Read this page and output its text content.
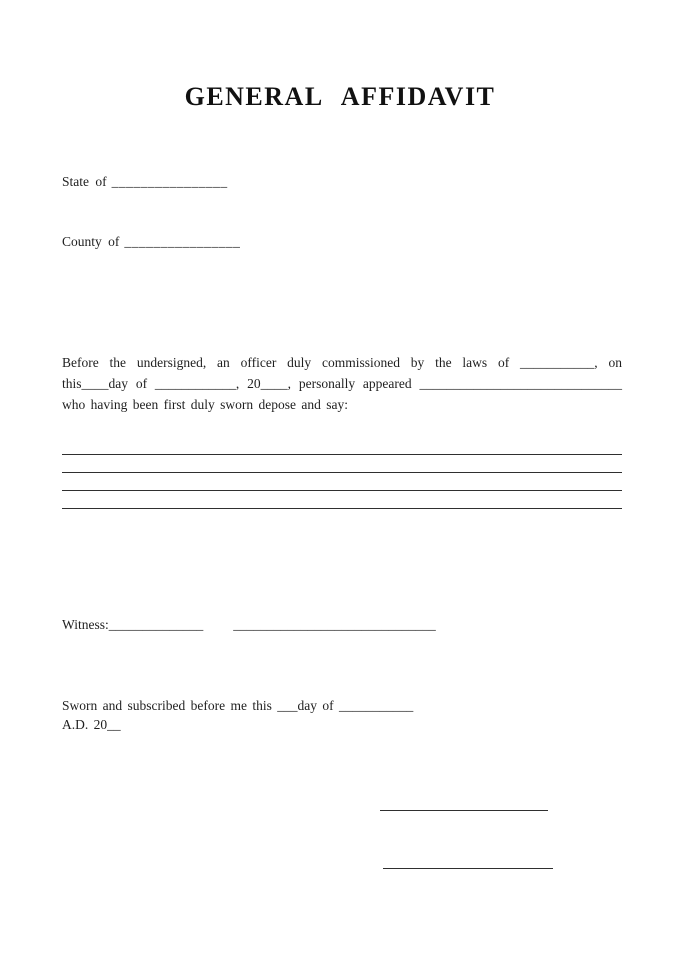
GENERAL AFFIDAVIT
State of ________________
County of ________________
Before the undersigned, an officer duly commissioned by the laws of ___________, on
this____day of ____________, 20____, personally appeared ______________________________
who having been first duly sworn depose and say:
Witness:______________ ______________________________
Sworn and subscribed before me this ___day of ___________
A.D. 20__
